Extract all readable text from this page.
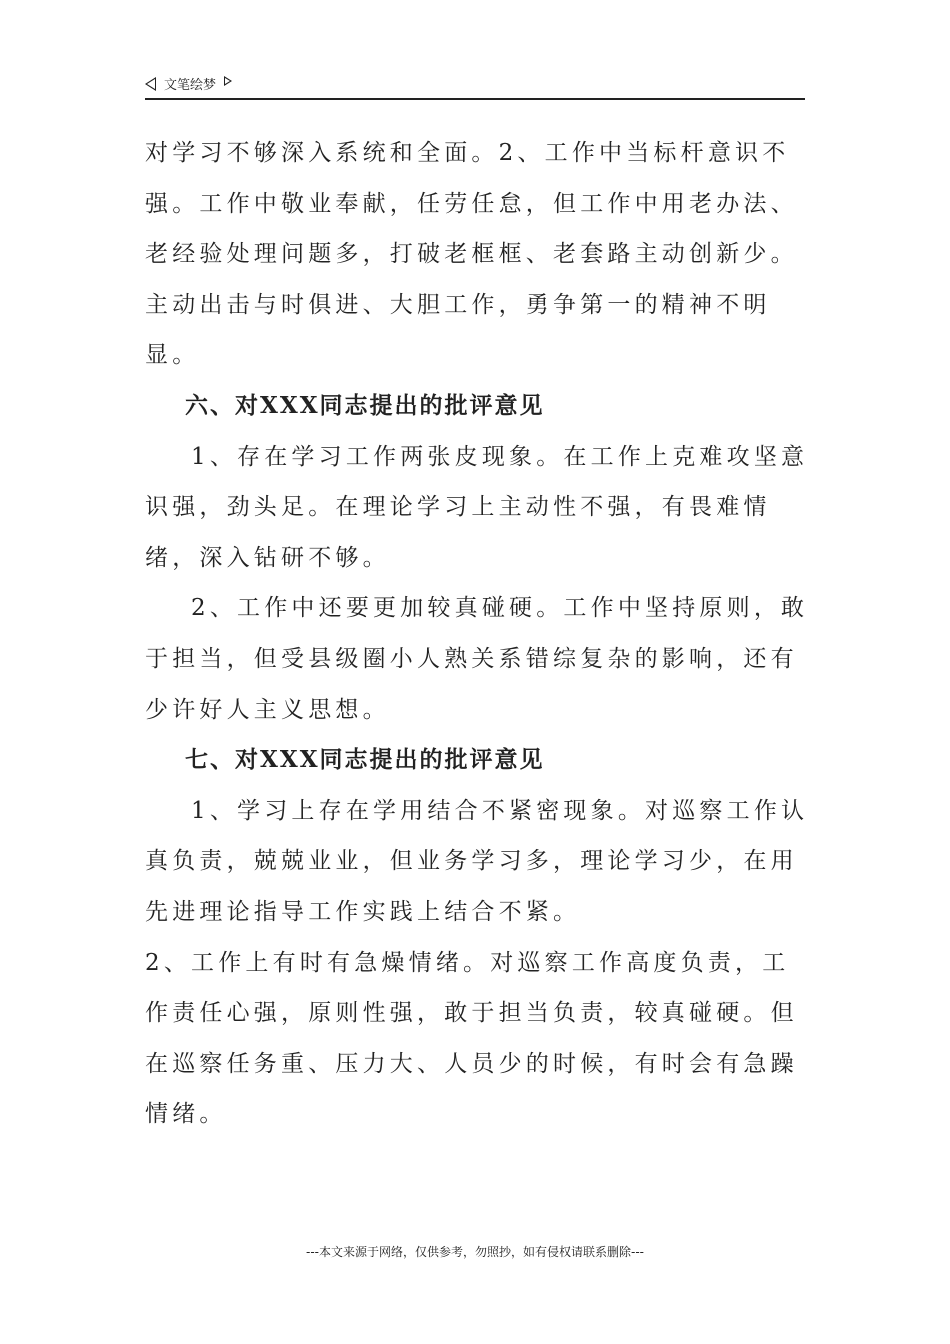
文笔绘梦

对学习不够深入系统和全面。2、工作中当标杆意识不强。工作中敬业奉献，任劳任怠，但工作中用老办法、老经验处理问题多，打破老框框、老套路主动创新少。主动出击与时俱进、大胆工作，勇争第一的精神不明显。

六、对XXX同志提出的批评意见

1、存在学习工作两张皮现象。在工作上克难攻坚意识强，劲头足。在理论学习上主动性不强，有畏难情绪，深入钻研不够。

2、工作中还要更加较真碰硬。工作中坚持原则，敢于担当，但受县级圈小人熟关系错综复杂的影响，还有少许好人主义思想。

七、对XXX同志提出的批评意见

1、学习上存在学用结合不紧密现象。对巡察工作认真负责，兢兢业业，但业务学习多，理论学习少，在用先进理论指导工作实践上结合不紧。

2、工作上有时有急燥情绪。对巡察工作高度负责，工作责任心强，原则性强，敢于担当负责，较真碰硬。但在巡察任务重、压力大、人员少的时候，有时会有急躁情绪。

---本文来源于网络，仅供参考，勿照抄，如有侵权请联系删除---
